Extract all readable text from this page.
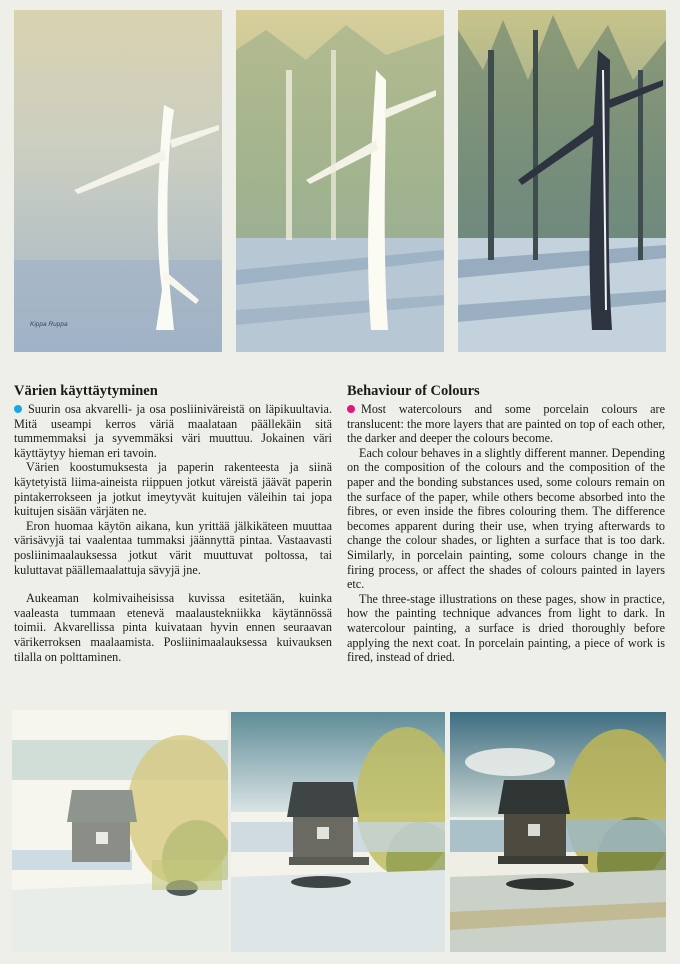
Kippa Ruppa
Värien käyttäytyminen

Suurin osa akvarelli- ja osa posliiniväreistä on läpikuultavia. Mitä useampi kerros väriä maalataan päällekäin sitä tummemmaksi ja syvemmäksi väri muuttuu. Jokainen väri käyttäytyy hieman eri tavoin.

Värien koostumuksesta ja paperin rakenteesta ja siinä käytetyistä liima-aineista riippuen jotkut väreistä jäävät paperin pintakerrokseen ja jotkut imeytyvät kuitujen väleihin tai jopa kuitujen sisään värjäten ne.

Eron huomaa käytön aikana, kun yrittää jälkikäteen muuttaa värisävyjä tai vaalentaa tummaksi jäännyttä pintaa. Vastaavasti posliinimaalauksessa jotkut värit muuttuvat poltossa, tai kuluttavat päällemaalattuja sävyjä jne.

Aukeaman kolmivaiheisissa kuvissa esitetään, kuinka vaaleasta tummaan etenevä maalaustekniikka käytännössä toimii. Akvarellissa pinta kuivataan hyvin ennen seuraavan värikerroksen maalaamista. Posliinimaalauksessa kuivauksen tilalla on polttaminen.

Behaviour of Colours

Most watercolours and some porcelain colours are translucent: the more layers that are painted on top of each other, the darker and deeper the colours become.

Each colour behaves in a slightly different manner. Depending on the composition of the colours and the composition of the paper and the bonding substances used, some colours remain on the surface of the paper, while others become absorbed into the fibres, or even inside the fibres colouring them. The difference becomes apparent during their use, when trying afterwards to change the colour shades, or lighten a surface that is too dark. Similarly, in porcelain painting, some colours change in the firing process, or affect the shades of colours painted in layers etc.

The three-stage illustrations on these pages, show in practice, how the painting technique advances from light to dark. In watercolour painting, a surface is dried thoroughly before applying the next coat. In porcelain painting, a piece of work is fired, instead of dried.
